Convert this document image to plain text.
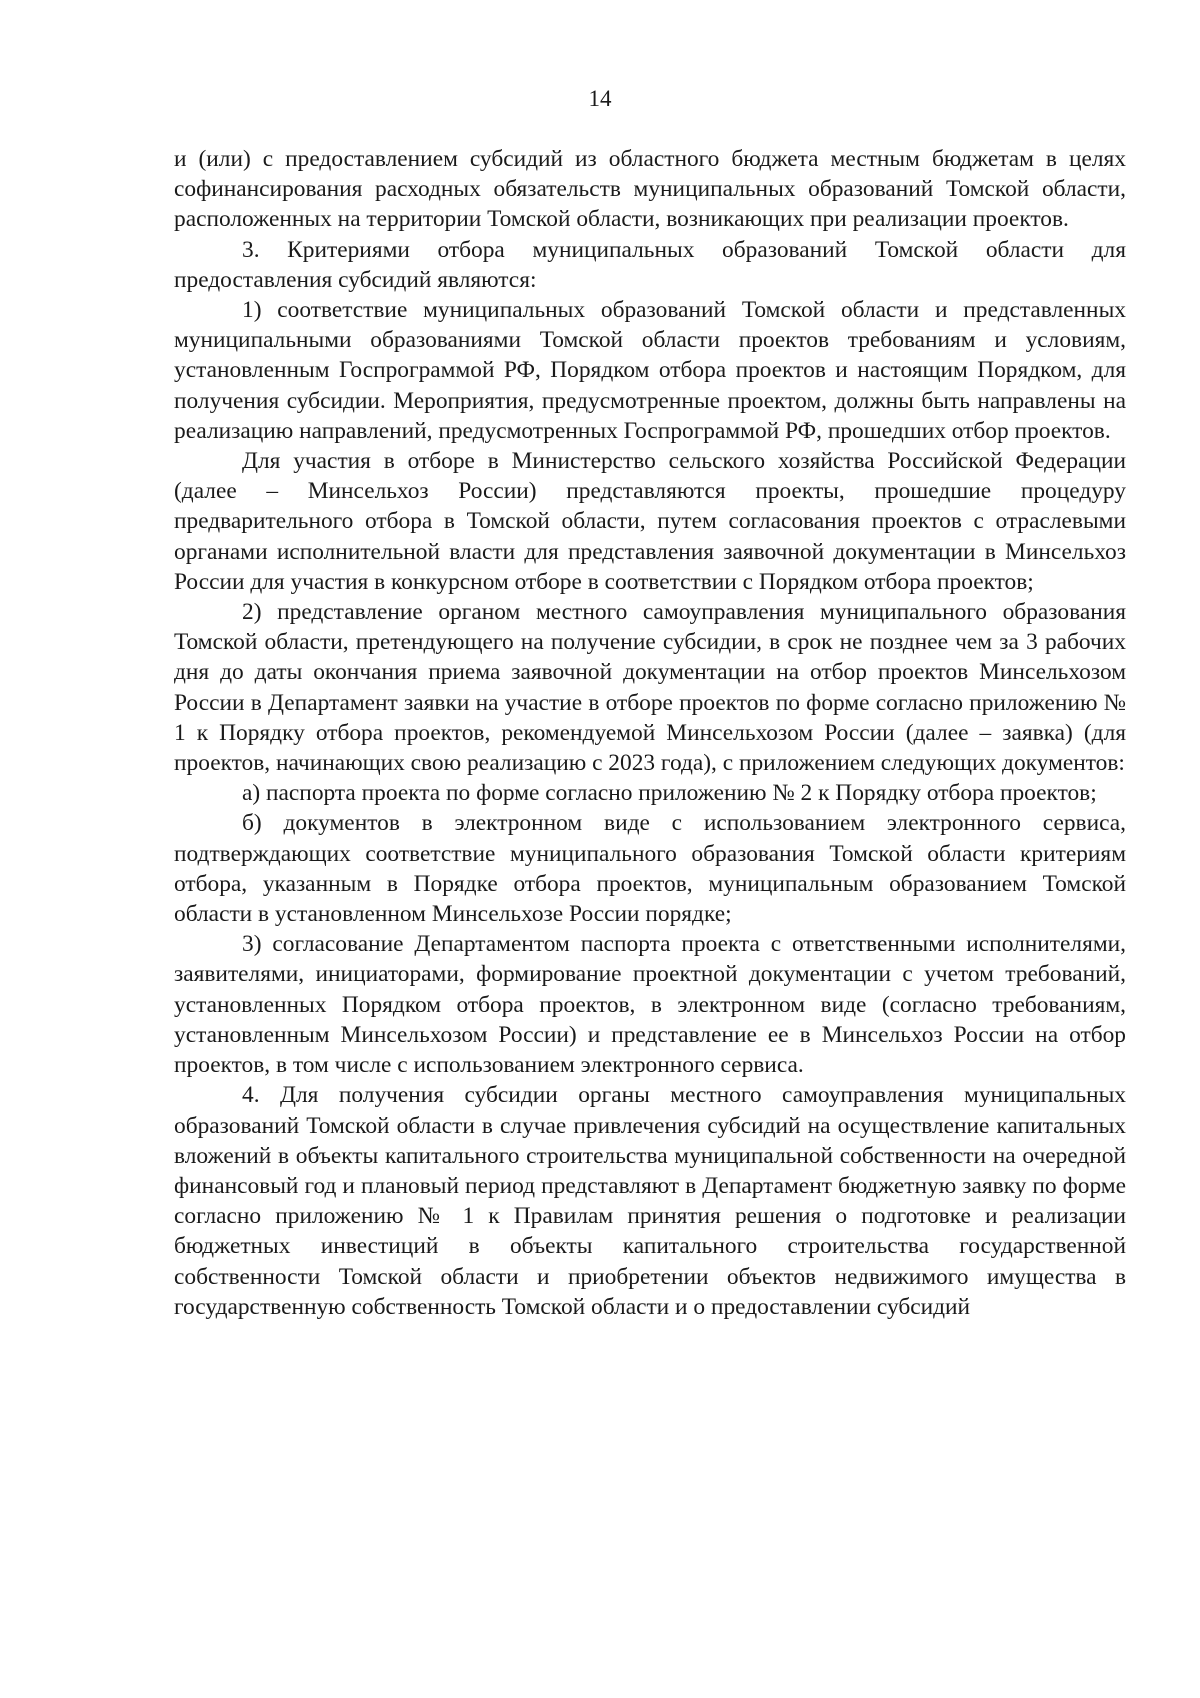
14

и (или) с предоставлением субсидий из областного бюджета местным бюджетам в целях софинансирования расходных обязательств муниципальных образований Томской области, расположенных на территории Томской области, возникающих при реализации проектов.

3. Критериями отбора муниципальных образований Томской области для предоставления субсидий являются:

1) соответствие муниципальных образований Томской области и представленных муниципальными образованиями Томской области проектов требованиям и условиям, установленным Госпрограммой РФ, Порядком отбора проектов и настоящим Порядком, для получения субсидии. Мероприятия, предусмотренные проектом, должны быть направлены на реализацию направлений, предусмотренных Госпрограммой РФ, прошедших отбор проектов.

Для участия в отборе в Министерство сельского хозяйства Российской Федерации (далее – Минсельхоз России) представляются проекты, прошедшие процедуру предварительного отбора в Томской области, путем согласования проектов с отраслевыми органами исполнительной власти для представления заявочной документации в Минсельхоз России для участия в конкурсном отборе в соответствии с Порядком отбора проектов;

2) представление органом местного самоуправления муниципального образования Томской области, претендующего на получение субсидии, в срок не позднее чем за 3 рабочих дня до даты окончания приема заявочной документации на отбор проектов Минсельхозом России в Департамент заявки на участие в отборе проектов по форме согласно приложению № 1 к Порядку отбора проектов, рекомендуемой Минсельхозом России (далее – заявка) (для проектов, начинающих свою реализацию с 2023 года), с приложением следующих документов:

а) паспорта проекта по форме согласно приложению № 2 к Порядку отбора проектов;

б) документов в электронном виде с использованием электронного сервиса, подтверждающих соответствие муниципального образования Томской области критериям отбора, указанным в Порядке отбора проектов, муниципальным образованием Томской области в установленном Минсельхозе России порядке;

3) согласование Департаментом паспорта проекта с ответственными исполнителями, заявителями, инициаторами, формирование проектной документации с учетом требований, установленных Порядком отбора проектов, в электронном виде (согласно требованиям, установленным Минсельхозом России) и представление ее в Минсельхоз России на отбор проектов, в том числе с использованием электронного сервиса.

4. Для получения субсидии органы местного самоуправления муниципальных образований Томской области в случае привлечения субсидий на осуществление капитальных вложений в объекты капитального строительства муниципальной собственности на очередной финансовый год и плановый период представляют в Департамент бюджетную заявку по форме согласно приложению № 1 к Правилам принятия решения о подготовке и реализации бюджетных инвестиций в объекты капитального строительства государственной собственности Томской области и приобретении объектов недвижимого имущества в государственную собственность Томской области и о предоставлении субсидий
